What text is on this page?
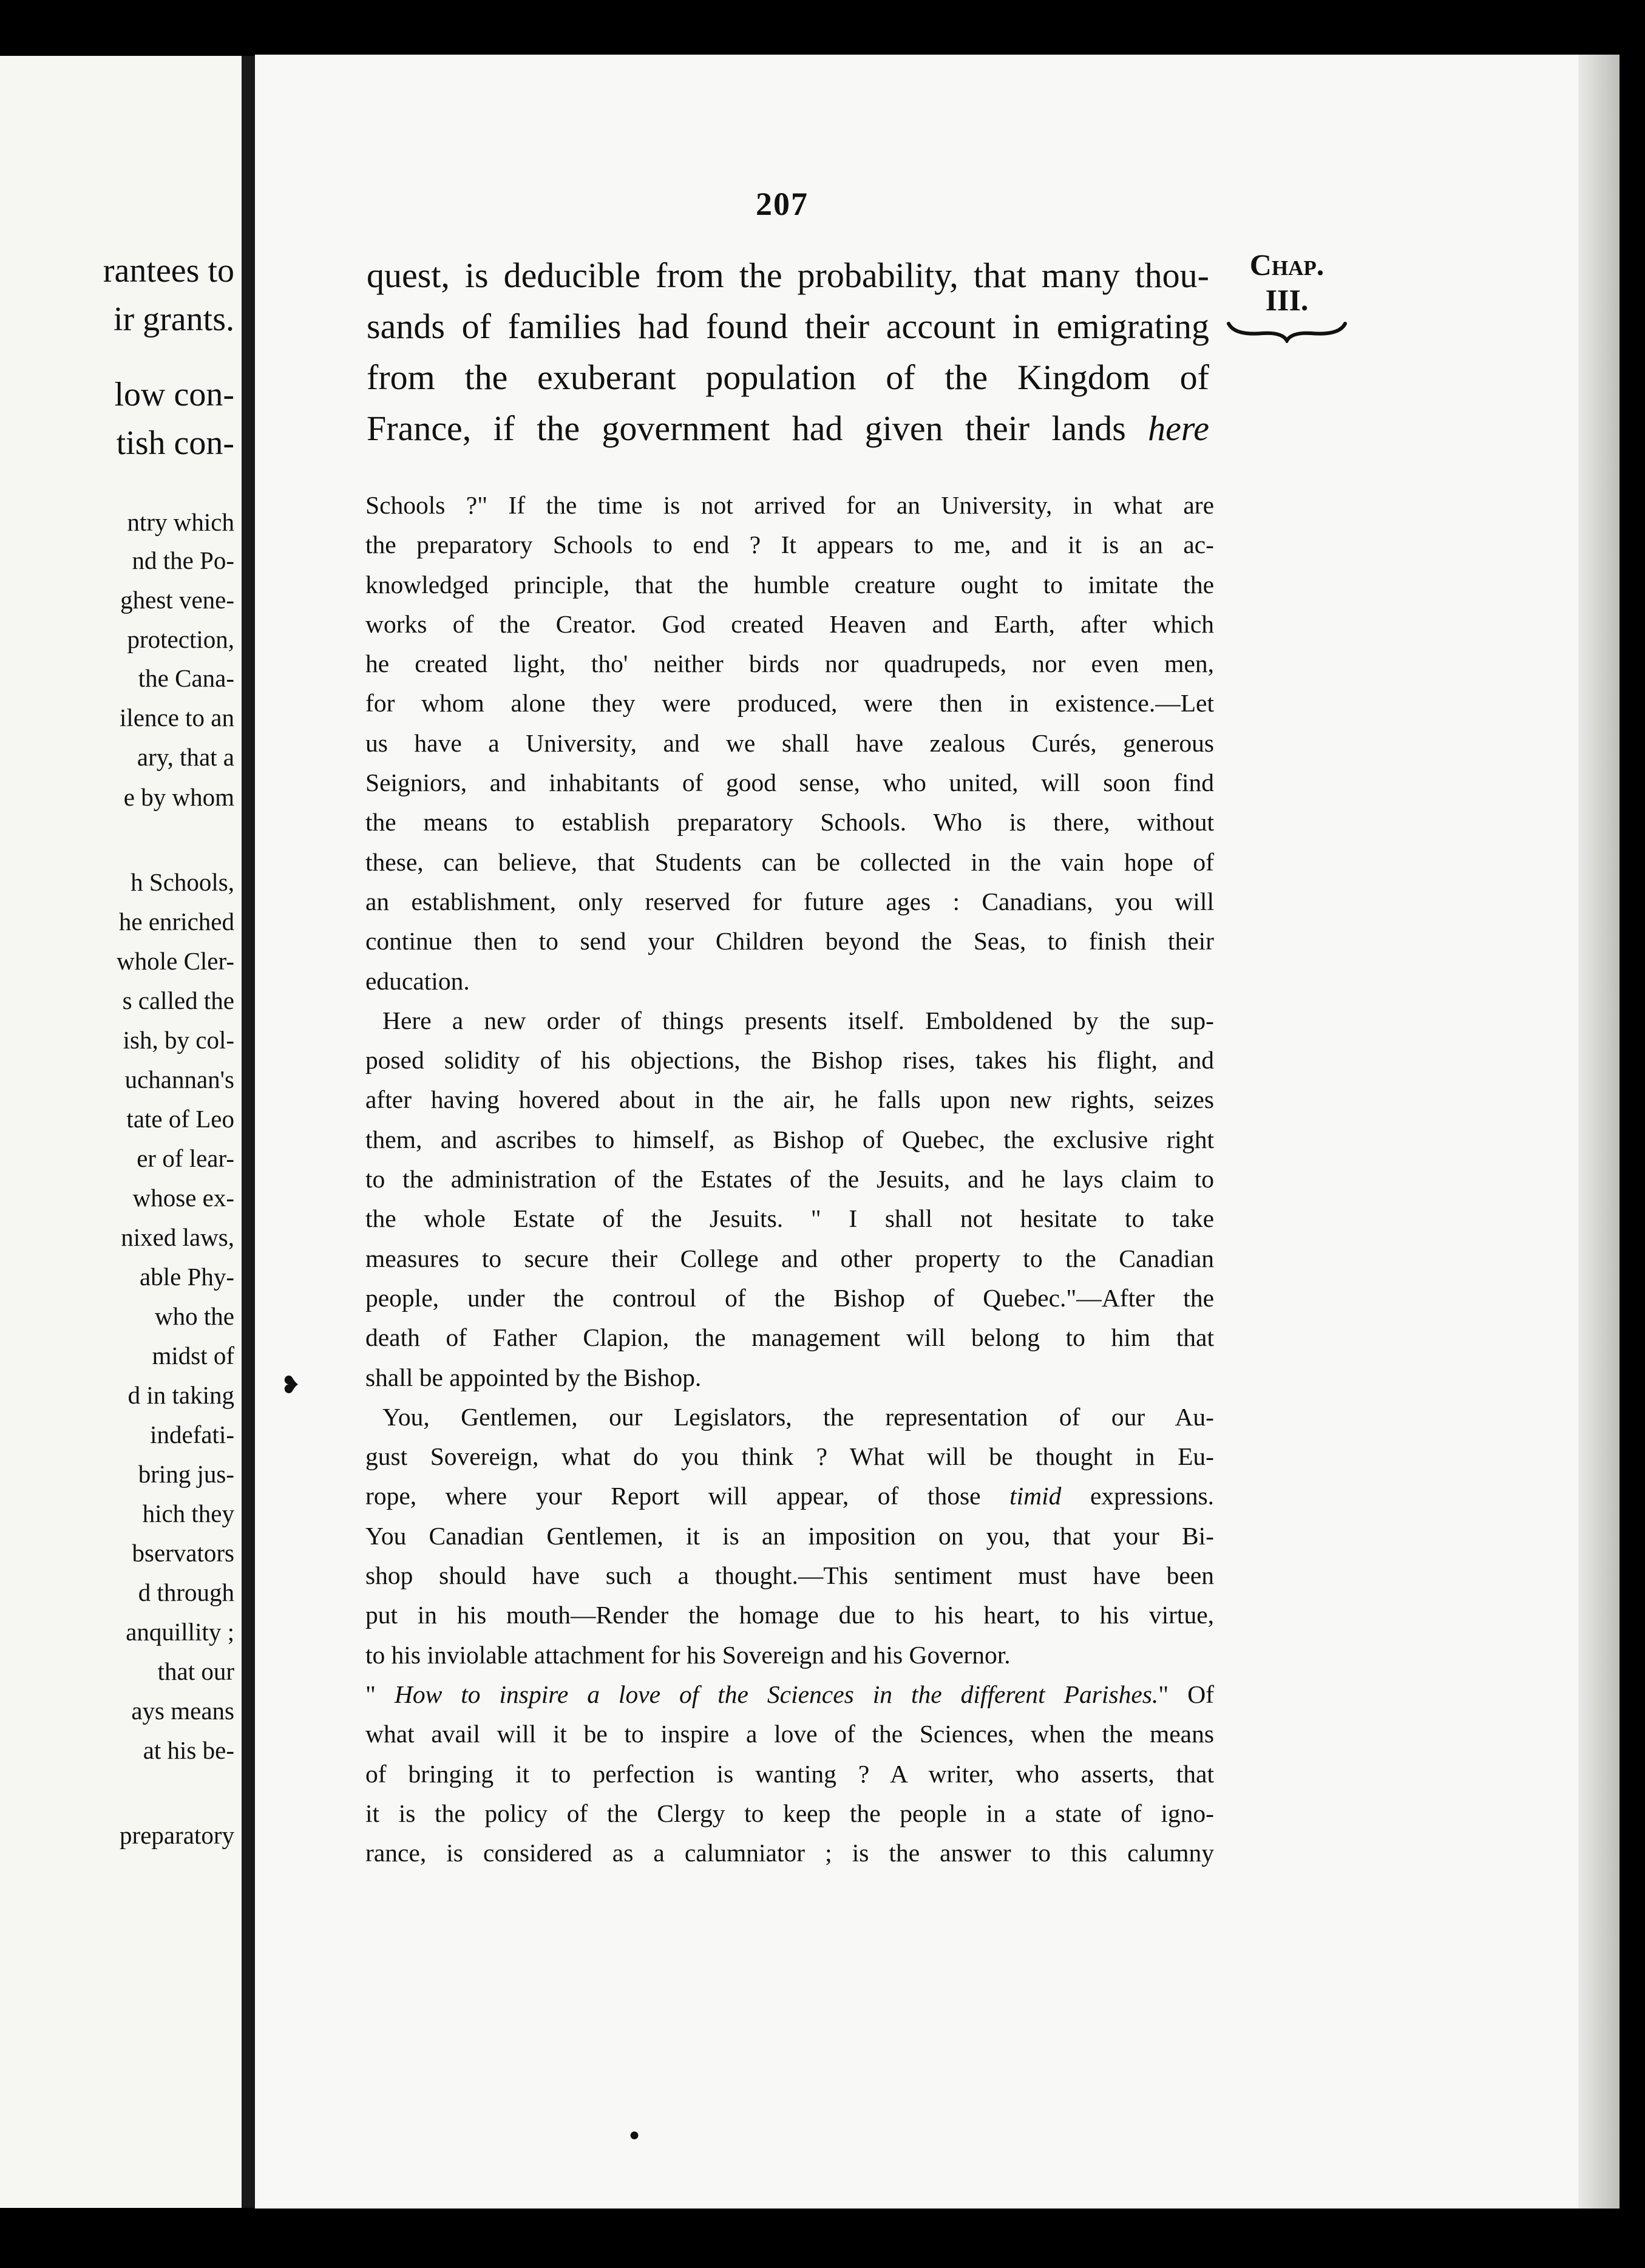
rantees to

ir grants.

low con-

tish con-

ntry which

nd the Po-

ghest vene-

protection,

the Cana-

ilence to an

ary, that a

e by whom

h Schools,

he enriched

whole Cler-

s called the

ish, by col-

uchannan's

tate of Leo

er of lear-

whose ex-

nixed laws,

able Phy-

who the

midst of

d in taking

indefati-

bring jus-

hich they

bservators

d through

anquillity ;

that our

ays means

at his be-

preparatory

207

Chap.
III.

quest, is deducible from the probability, that many thou-

sands of families had found their account in emigrating

from the exuberant population of the Kingdom of

France, if the government had given their lands here

Schools ?" If the time is not arrived for an University, in what are

the preparatory Schools to end ? It appears to me, and it is an ac-

knowledged principle, that the humble creature ought to imitate the

works of the Creator. God created Heaven and Earth, after which

he created light, tho' neither birds nor quadrupeds, nor even men,

for whom alone they were produced, were then in existence.—Let

us have a University, and we shall have zealous Curés, generous

Seigniors, and inhabitants of good sense, who united, will soon find

the means to establish preparatory Schools. Who is there, without

these, can believe, that Students can be collected in the vain hope of

an establishment, only reserved for future ages : Canadians, you will

continue then to send your Children beyond the Seas, to finish their

education.

Here a new order of things presents itself. Emboldened by the sup-

posed solidity of his objections, the Bishop rises, takes his flight, and

after having hovered about in the air, he falls upon new rights, seizes

them, and ascribes to himself, as Bishop of Quebec, the exclusive right

to the administration of the Estates of the Jesuits, and he lays claim to

the whole Estate of the Jesuits. " I shall not hesitate to take

measures to secure their College and other property to the Canadian

people, under the controul of the Bishop of Quebec."—After the

death of Father Clapion, the management will belong to him that

shall be appointed by the Bishop.

You, Gentlemen, our Legislators, the representation of our Au-

gust Sovereign, what do you think ? What will be thought in Eu-

rope, where your Report will appear, of those timid expressions.

You Canadian Gentlemen, it is an imposition on you, that your Bi-

shop should have such a thought.—This sentiment must have been

put in his mouth—Render the homage due to his heart, to his virtue,

to his inviolable attachment for his Sovereign and his Governor.

" How to inspire a love of the Sciences in the different Parishes." Of

what avail will it be to inspire a love of the Sciences, when the means

of bringing it to perfection is wanting ? A writer, who asserts, that

it is the policy of the Clergy to keep the people in a state of igno-

rance, is considered as a calumniator ; is the answer to this calumny

❥
●
